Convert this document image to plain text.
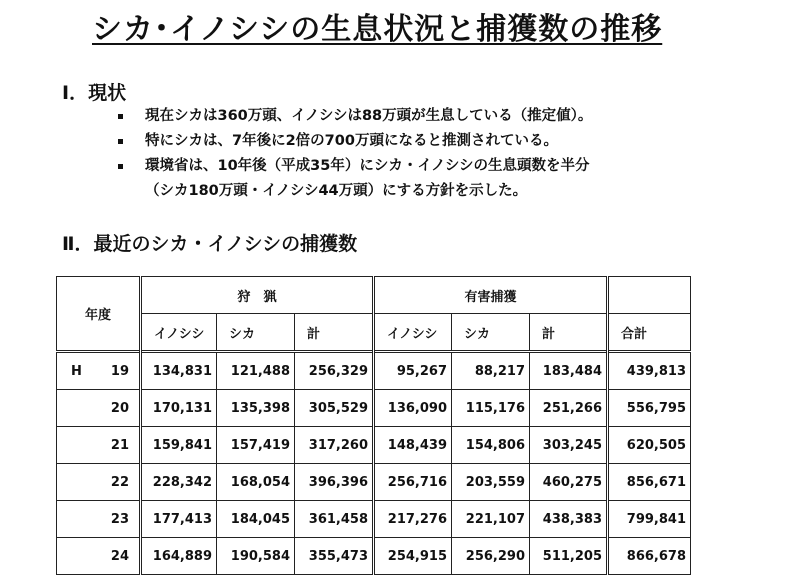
シカ･イノシシの生息状況と捕獲数の推移
Ⅰ．現状
現在シカは360万頭、イノシシは88万頭が生息している（推定値）。
特にシカは、7年後に2倍の700万頭になると推測されている。
環境省は、10年後（平成35年）にシカ・イノシシの生息頭数を半分
（シカ180万頭・イノシシ44万頭）にする方針を示した。
Ⅱ．最近のシカ・イノシシの捕獲数
年度	狩　猟			有害捕獲			
	イノシシ	シカ	計	イノシシ	シカ	計	合計

H 19	134,831	121,488	256,329	95,267	88,217	183,484	439,813

20	170,131	135,398	305,529	136,090	115,176	251,266	556,795

21	159,841	157,419	317,260	148,439	154,806	303,245	620,505

22	228,342	168,054	396,396	256,716	203,559	460,275	856,671

23	177,413	184,045	361,458	217,276	221,107	438,383	799,841

24	164,889	190,584	355,473	254,915	256,290	511,205	866,678
